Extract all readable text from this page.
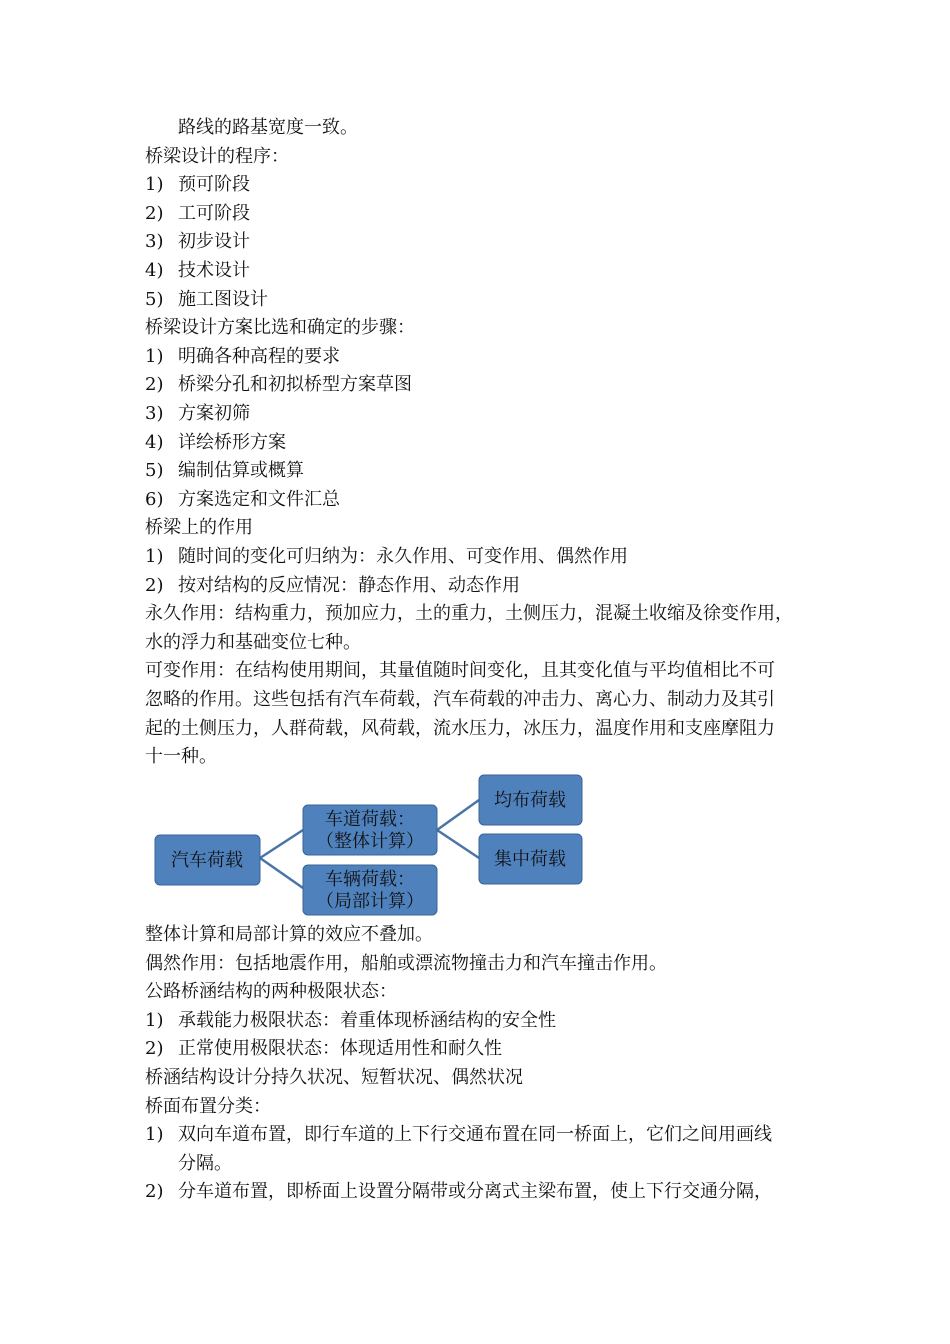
路线的路基宽度一致。
桥梁设计的程序：
1) 预可阶段
2) 工可阶段
3) 初步设计
4) 技术设计
5) 施工图设计
桥梁设计方案比选和确定的步骤：
1) 明确各种高程的要求
2) 桥梁分孔和初拟桥型方案草图
3) 方案初筛
4) 详绘桥形方案
5) 编制估算或概算
6) 方案选定和文件汇总
桥梁上的作用
1) 随时间的变化可归纳为：永久作用、可变作用、偶然作用
2) 按对结构的反应情况：静态作用、动态作用
永久作用：结构重力，预加应力，土的重力，土侧压力，混凝土收缩及徐变作用，
水的浮力和基础变位七种。
可变作用：在结构使用期间，其量值随时间变化，且其变化值与平均值相比不可
忽略的作用。这些包括有汽车荷载，汽车荷载的冲击力、离心力、制动力及其引
起的土侧压力，人群荷载，风荷载，流水压力，冰压力，温度作用和支座摩阻力
十一种。
汽车荷载
车道荷载：
（整体计算）
车辆荷载：
（局部计算）
均布荷载
集中荷载
整体计算和局部计算的效应不叠加。
偶然作用：包括地震作用，船舶或漂流物撞击力和汽车撞击作用。
公路桥涵结构的两种极限状态：
1) 承载能力极限状态：着重体现桥涵结构的安全性
2) 正常使用极限状态：体现适用性和耐久性
桥涵结构设计分持久状况、短暂状况、偶然状况
桥面布置分类：
1) 双向车道布置，即行车道的上下行交通布置在同一桥面上，它们之间用画线
分隔。
2) 分车道布置，即桥面上设置分隔带或分离式主梁布置，使上下行交通分隔，
